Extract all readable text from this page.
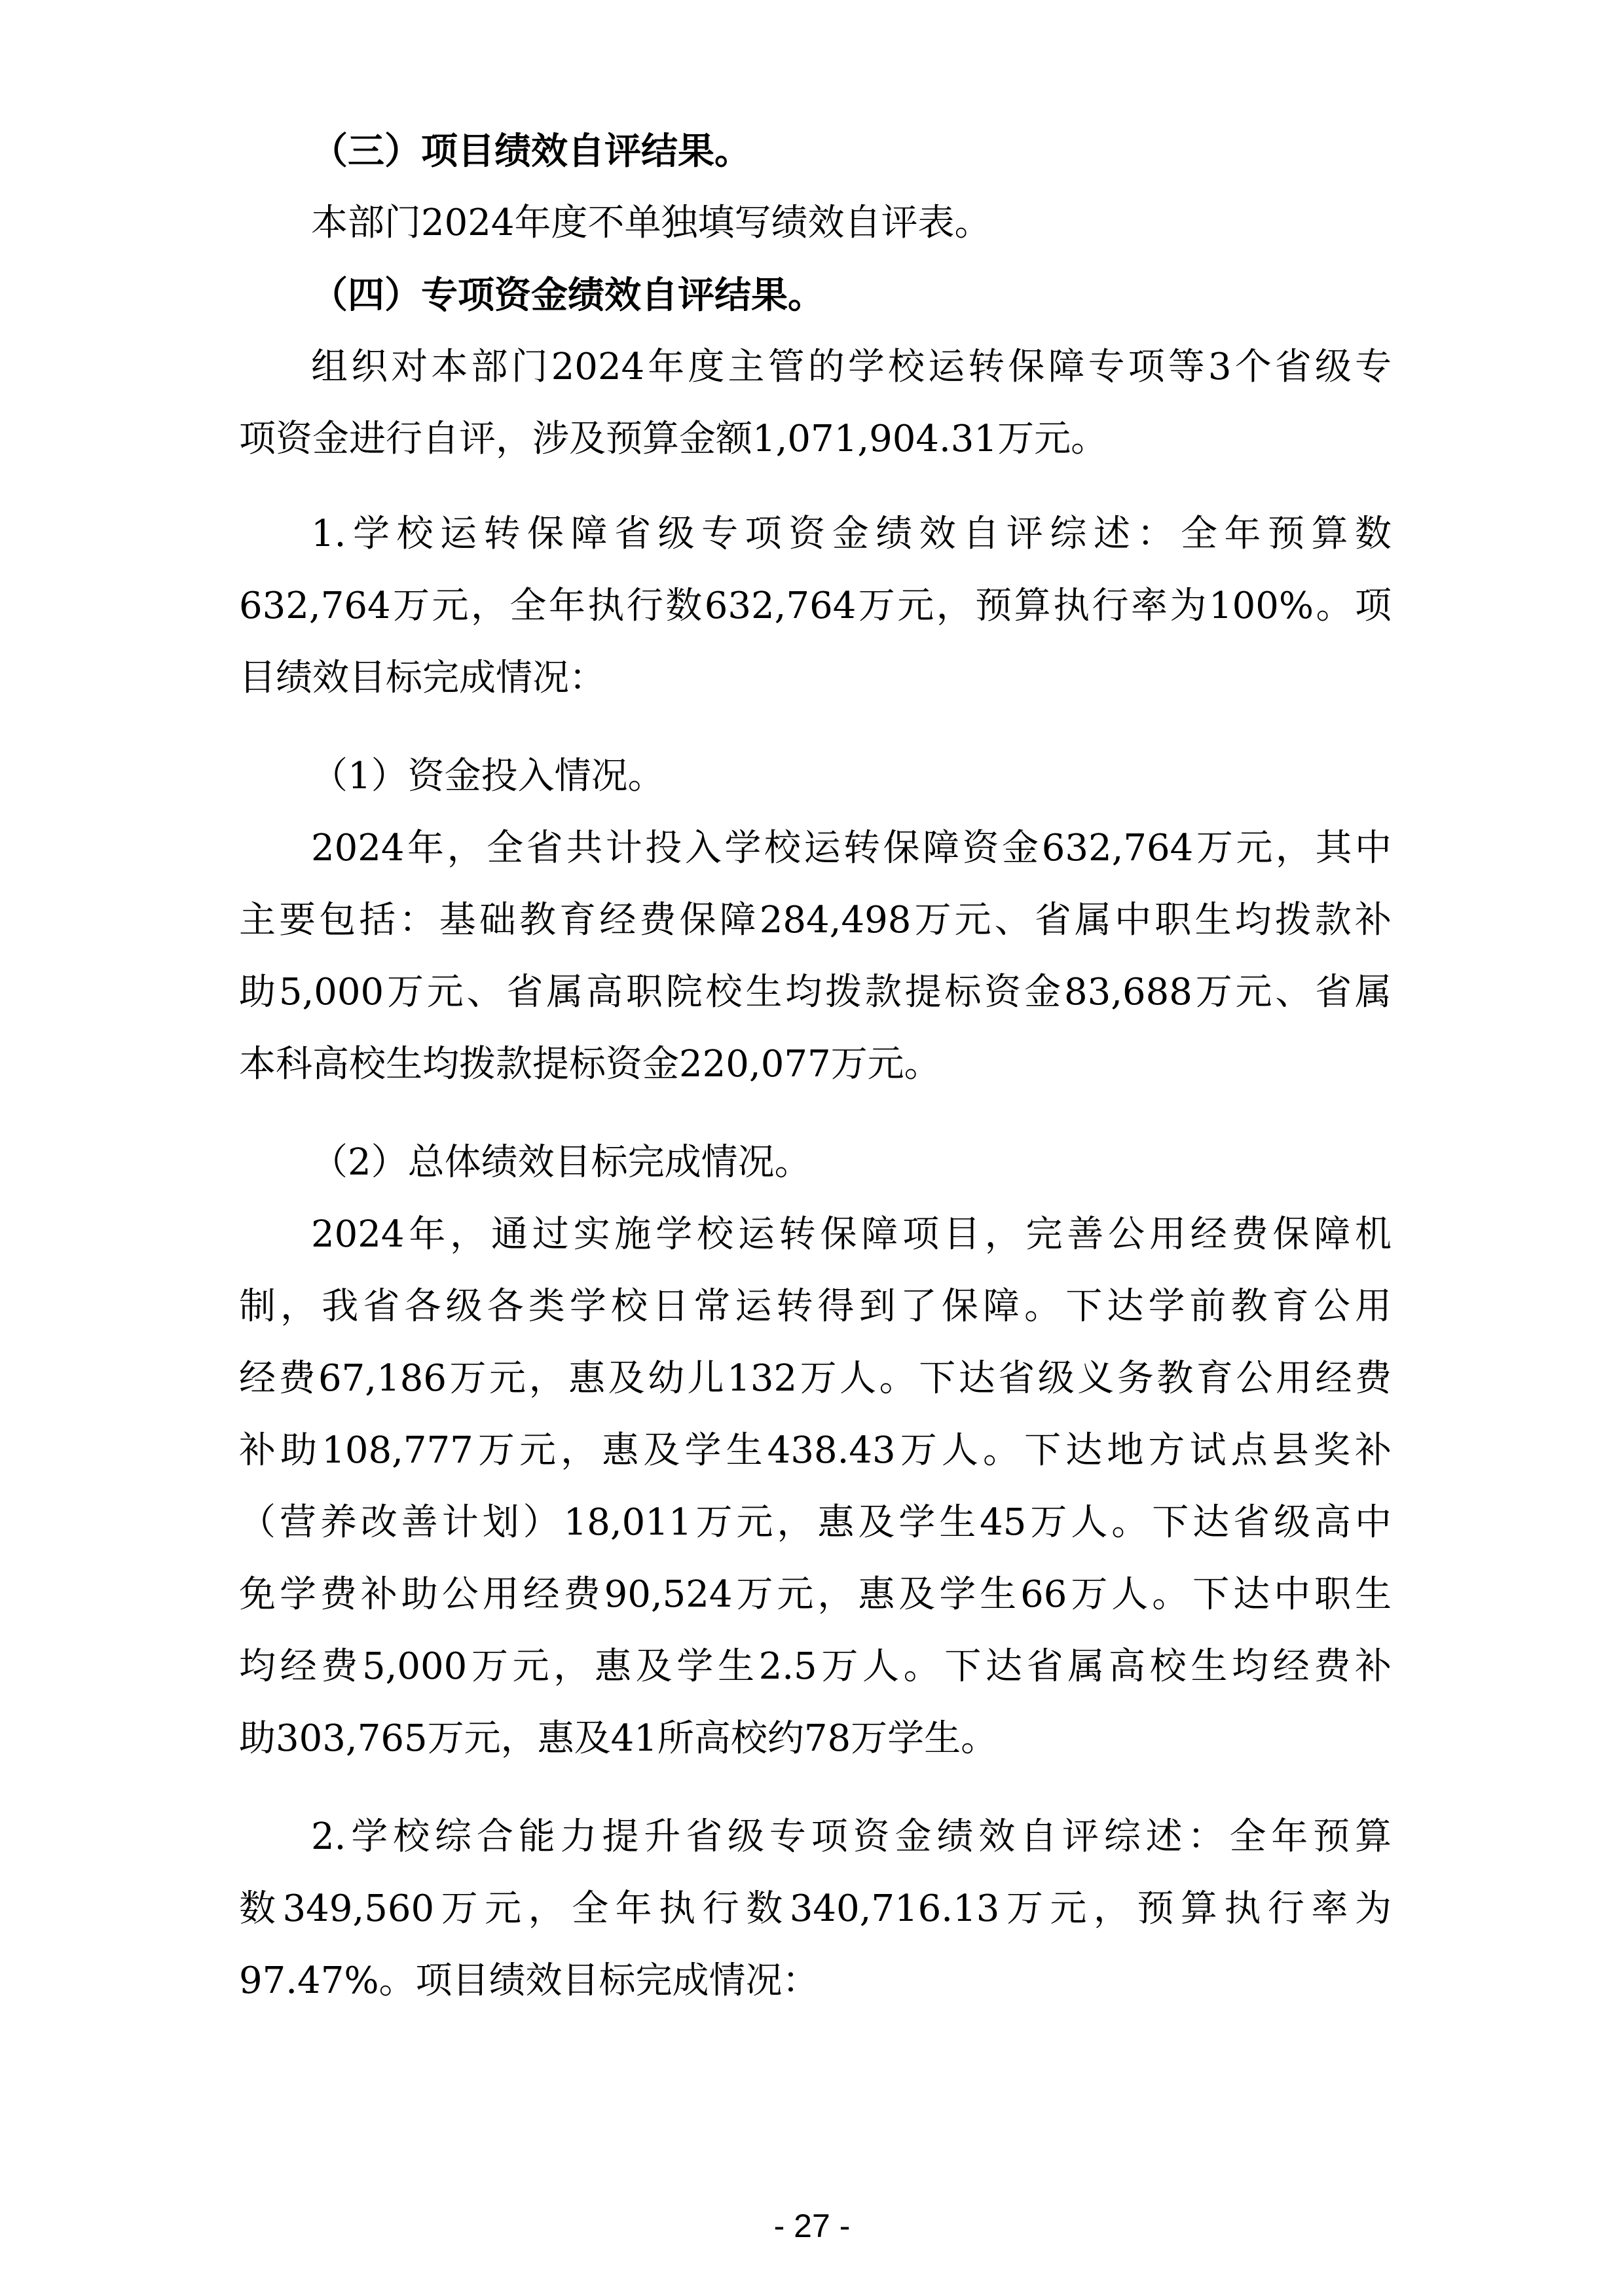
（三）项目绩效自评结果。
本部门2024年度不单独填写绩效自评表。
（四）专项资金绩效自评结果。
组织对本部门2024年度主管的学校运转保障专项等3个省级专
项资金进行自评，涉及预算金额1,071,904.31万元。
1.学校运转保障省级专项资金绩效自评综述：全年预算数
632,764万元，全年执行数632,764万元，预算执行率为100%。项
目绩效目标完成情况：
（1）资金投入情况。
2024年，全省共计投入学校运转保障资金632,764万元，其中
主要包括：基础教育经费保障284,498万元、省属中职生均拨款补
助5,000万元、省属高职院校生均拨款提标资金83,688万元、省属
本科高校生均拨款提标资金220,077万元。
（2）总体绩效目标完成情况。
2024年，通过实施学校运转保障项目，完善公用经费保障机
制，我省各级各类学校日常运转得到了保障。下达学前教育公用
经费67,186万元，惠及幼儿132万人。下达省级义务教育公用经费
补助108,777万元，惠及学生438.43万人。下达地方试点县奖补
（营养改善计划）18,011万元，惠及学生45万人。下达省级高中
免学费补助公用经费90,524万元，惠及学生66万人。下达中职生
均经费5,000万元，惠及学生2.5万人。下达省属高校生均经费补
助303,765万元，惠及41所高校约78万学生。
2.学校综合能力提升省级专项资金绩效自评综述：全年预算
数349,560万元，全年执行数340,716.13万元，预算执行率为
97.47%。项目绩效目标完成情况：
- 27 -
